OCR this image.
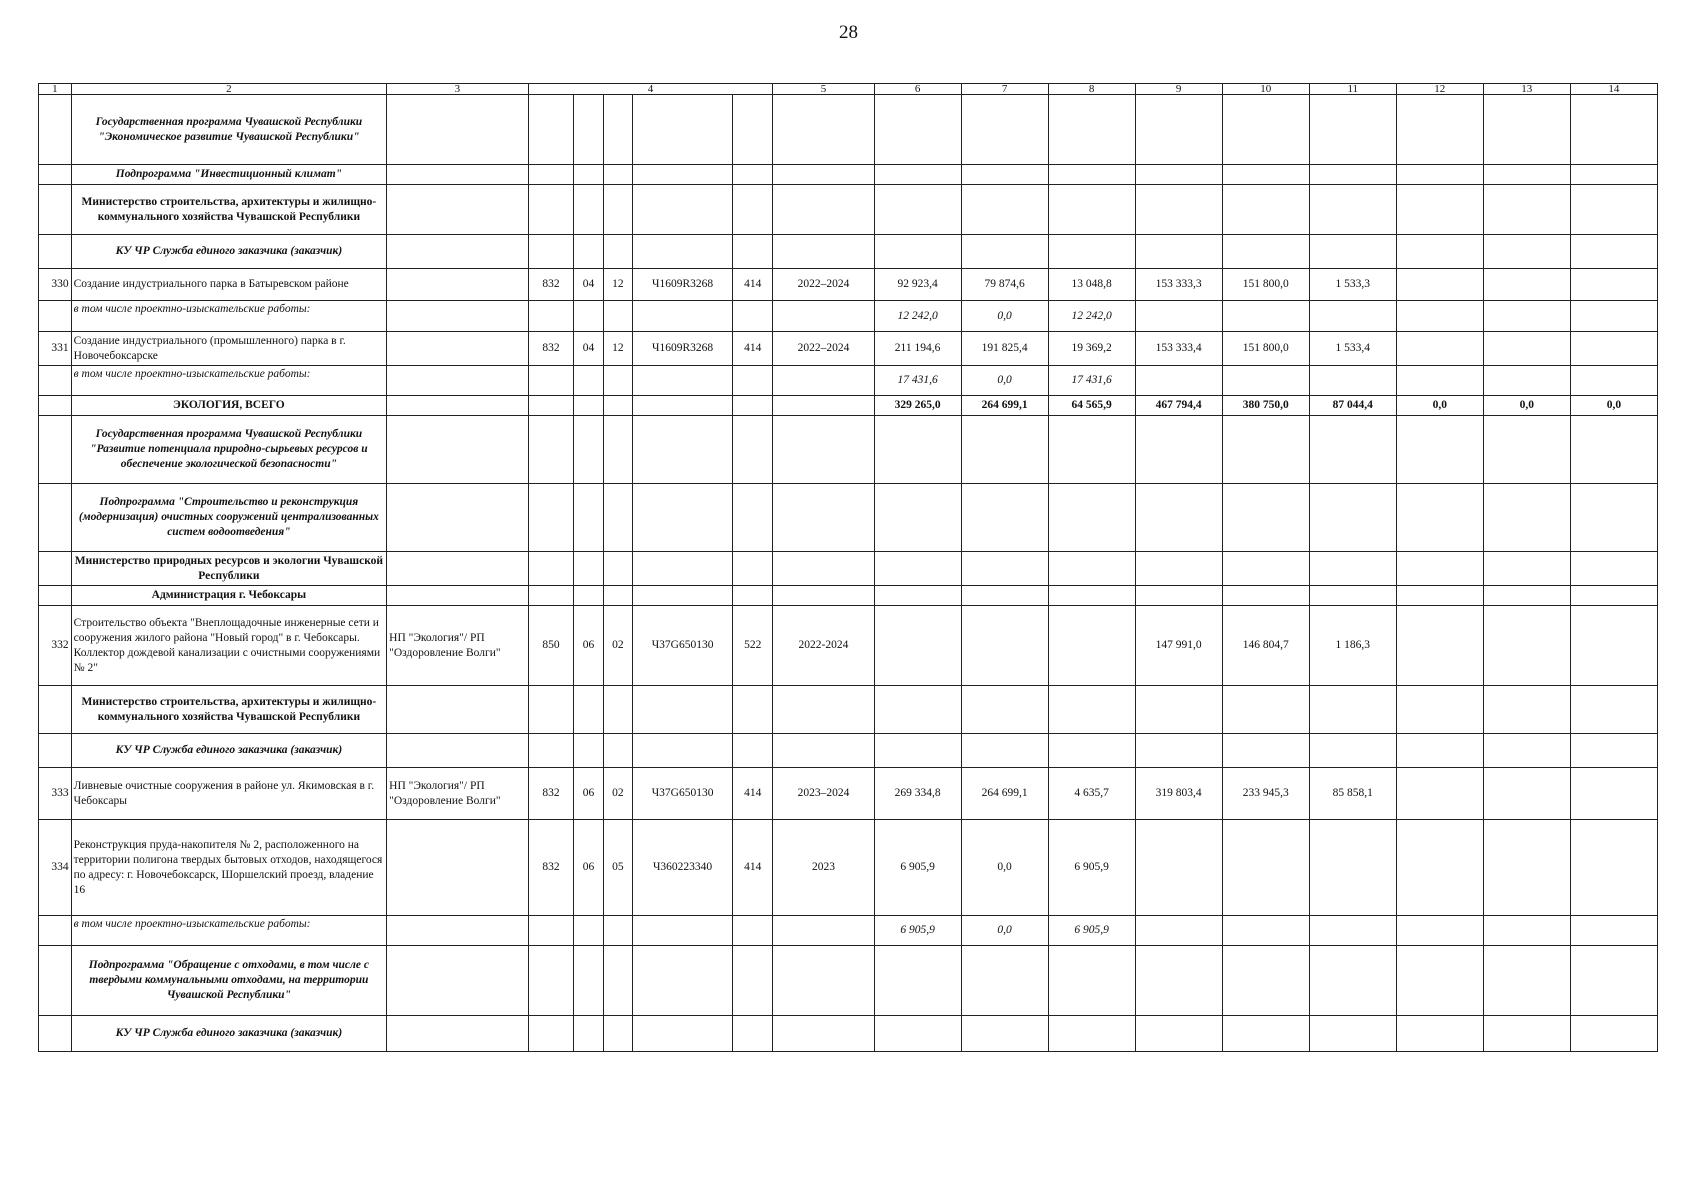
28
1	2	3	4					5	6	7	8	9	10	11	12	13	14
	Государственная программа Чувашской Республики "Экономическое развитие Чувашской Республики"																
	Подпрограмма "Инвестиционный климат"																
	Министерство строительства, архитектуры и жилищно-коммунального хозяйства Чувашской Республики																
	КУ ЧР Служба единого заказчика (заказчик)																
330	Создание индустриального парка в Батыревском районе		832	04	12	Ч1609R3268	414	2022–2024	92 923,4	79 874,6	13 048,8	153 333,3	151 800,0	1 533,3			
	в том числе проектно-изыскательские работы:								12 242,0	0,0	12 242,0						
331	Создание индустриального (промышленного) парка в г. Новочебоксарске		832	04	12	Ч1609R3268	414	2022–2024	211 194,6	191 825,4	19 369,2	153 333,4	151 800,0	1 533,4			
	в том числе проектно-изыскательские работы:								17 431,6	0,0	17 431,6						
	ЭКОЛОГИЯ, ВСЕГО								329 265,0	264 699,1	64 565,9	467 794,4	380 750,0	87 044,4	0,0	0,0	0,0
	Государственная программа Чувашской Республики "Развитие потенциала природно-сырьевых ресурсов и обеспечение экологической безопасности"																
	Подпрограмма "Строительство и реконструкция (модернизация) очистных сооружений централизованных систем водоотведения"																
	Министерство природных ресурсов и экологии Чувашской Республики																
	Администрация г. Чебоксары																
332	Строительство объекта "Внеплощадочные инженерные сети и сооружения жилого района "Новый город" в г. Чебоксары. Коллектор дождевой канализации с очистными сооружениями № 2"	НП "Экология"/ РП "Оздоровление Волги"	850	06	02	Ч37G650130	522	2022-2024				147 991,0	146 804,7	1 186,3			
	Министерство строительства, архитектуры и жилищно-коммунального хозяйства Чувашской Республики																
	КУ ЧР Служба единого заказчика (заказчик)																
333	Ливневые очистные сооружения в районе ул. Якимовская в г. Чебоксары	НП "Экология"/ РП "Оздоровление Волги"	832	06	02	Ч37G650130	414	2023–2024	269 334,8	264 699,1	4 635,7	319 803,4	233 945,3	85 858,1			
334	Реконструкция пруда-накопителя № 2, расположенного на территории полигона твердых бытовых отходов, находящегося по адресу: г. Новочебоксарск, Шоршелский проезд, владение 16		832	06	05	Ч360223340	414	2023	6 905,9	0,0	6 905,9						
	в том числе проектно-изыскательские работы:								6 905,9	0,0	6 905,9						
	Подпрограмма "Обращение с отходами, в том числе с твердыми коммунальными отходами, на территории Чувашской Республики"																
	КУ ЧР Служба единого заказчика (заказчик)																
